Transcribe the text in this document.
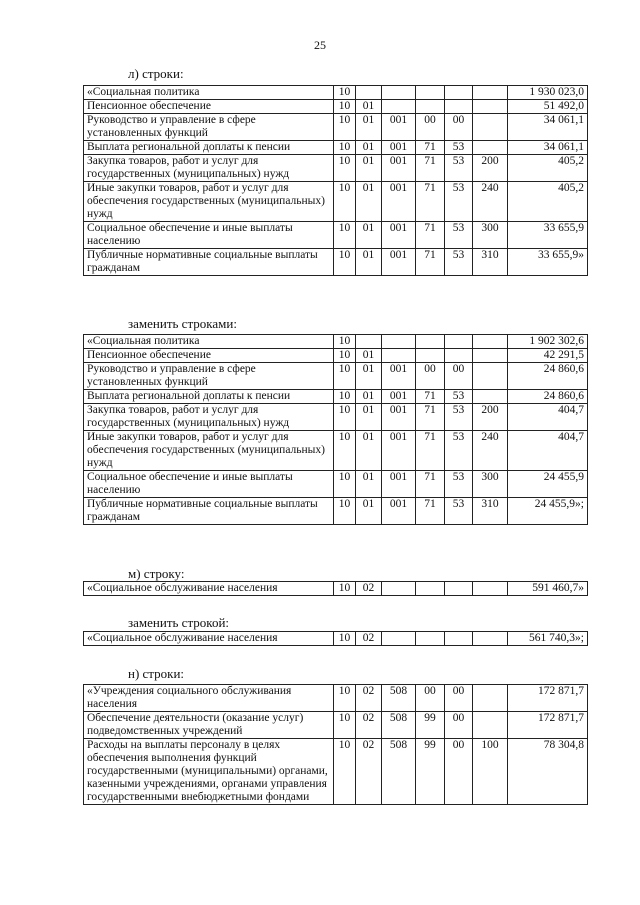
25
л) строки:
«Социальная политика	10						1 930 023,0
Пенсионное обеспечение	10	01					51 492,0
Руководство и управление в сфере установленных функций	10	01	001	00	00		34 061,1
Выплата региональной доплаты к пенсии	10	01	001	71	53		34 061,1
Закупка товаров, работ и услуг для государственных (муниципальных) нужд	10	01	001	71	53	200	405,2
Иные закупки товаров, работ и услуг для обеспечения государственных (муниципальных) нужд	10	01	001	71	53	240	405,2
Социальное обеспечение и иные выплаты населению	10	01	001	71	53	300	33 655,9
Публичные нормативные социальные выплаты гражданам	10	01	001	71	53	310	33 655,9»
заменить строками:
«Социальная политика	10						1 902 302,6
Пенсионное обеспечение	10	01					42 291,5
Руководство и управление в сфере установленных функций	10	01	001	00	00		24 860,6
Выплата региональной доплаты к пенсии	10	01	001	71	53		24 860,6
Закупка товаров, работ и услуг для государственных (муниципальных) нужд	10	01	001	71	53	200	404,7
Иные закупки товаров, работ и услуг для обеспечения государственных (муниципальных) нужд	10	01	001	71	53	240	404,7
Социальное обеспечение и иные выплаты населению	10	01	001	71	53	300	24 455,9
Публичные нормативные социальные выплаты гражданам	10	01	001	71	53	310	24 455,9»;
м) строку:
«Социальное обслуживание населения	10	02					591 460,7»
заменить строкой:
«Социальное обслуживание населения	10	02					561 740,3»;
н) строки:
«Учреждения социального обслуживания населения	10	02	508	00	00		172 871,7
Обеспечение деятельности (оказание услуг) подведомственных учреждений	10	02	508	99	00		172 871,7
Расходы на выплаты персоналу в целях обеспечения выполнения функций государственными (муниципальными) органами, казенными учреждениями, органами управления государственными внебюджетными фондами	10	02	508	99	00	100	78 304,8
